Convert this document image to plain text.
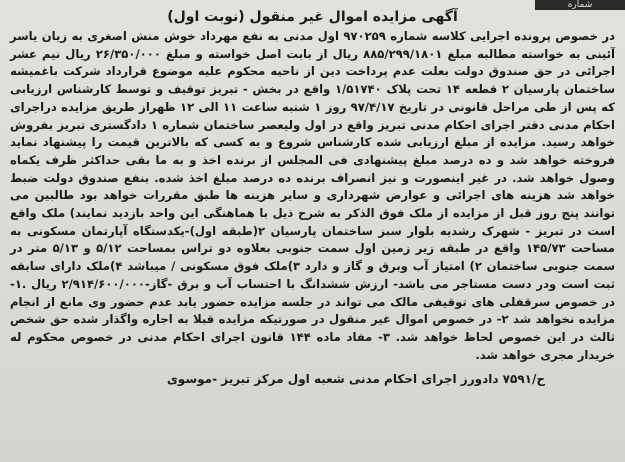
شماره
آگهی مزایده اموال غیر منقول (نوبت اول)

در خصوص پرونده اجرایی کلاسه شماره ۹۷۰۲۵۹ اول مدنی به نفع مهرداد خوش منش اصغری به زیان یاسر آئینی به خواسته مطالبه مبلغ ۸۸۵/۲۹۹/۱۸۰۱ ریال از بابت اصل خواسته و مبلغ ۲۶/۳۵۰/۰۰۰ ریال نیم عشر اجرائی در حق صندوق دولت بعلت عدم پرداخت دین از ناحیه محکوم علیه موضوع قرارداد شرکت باغمیشه ساختمان پارسیان ۲ قطعه ۱۴ تحت پلاک ۱/۵۱۷۴۰ واقع در بخش - تبریز توقیف و توسط کارشناس ارزیابی که پس از طی مراحل قانونی در تاریخ ۹۷/۴/۱۷ روز ۱ شنبه ساعت ۱۱ الی ۱۲ ظهراز طریق مزایده دراجرای احکام مدنی دفتر اجرای احکام مدنی تبریز واقع در اول ولیعصر ساختمان شماره ۱ دادگستری تبریز بفروش خواهد رسید. مزایده از مبلغ ارزیابی شده کارشناس شروع و به کسی که بالاترین قیمت را پیشنهاد نماید فروخته خواهد شد و ده درصد مبلغ پیشنهادی فی المجلس از برنده اخذ و به ما بقی حداکثر ظرف یکماه وصول خواهد شد. در غیر اینصورت و نیز انصراف برنده ده درصد مبلغ اخذ شده. بنفع صندوق دولت ضبط خواهد شد هزینه های اجرائی و عوارض شهرداری و سایر هزینه ها طبق مقررات خواهد بود طالبین می توانند پنج روز قبل از مزایده از ملک فوق الذکر به شرح ذیل با هماهنگی این واحد بازدید نمایند) ملک واقع است در تبریز - شهرک رشدیه بلوار سبز ساختمان پارسیان ۲(طبقه اول)-یکدستگاه آپارتمان مسکونی به مساحت ۱۴۵/۷۳ واقع در طبقه زیر زمین اول سمت جنوبی بعلاوه دو تراس بمساحت ۵/۱۲ و ۵/۱۳ متر در سمت جنوبی ساختمان ۲) امتیاز آب وبرق و گاز و دارد ۳)ملک فوق مسکونی / میباشد ۴)ملک دارای سابقه ثبت است ودر دست مستاجر می باشد- ارزش ششدانگ با احتساب آب و برق -گاز-۲/۹۱۴/۶۰۰/۰۰۰ ریال .۱- در خصوص سرقفلی های توقیفی مالک می تواند در جلسه مزایده حضور یابد عدم حضور وی مانع از انجام مزایده نخواهد شد ۲- در خصوص اموال غیر منقول در صورتیکه مزایده قبلا به اجاره واگذار شده حق شخص ثالث در این خصوص لحاظ خواهد شد. ۳- مفاد ماده ۱۴۴ قانون اجرای احکام مدنی در خصوص محکوم له خریدار مجری خواهد شد.

ح/۷۵۹۱ دادورز اجرای احکام مدنی شعبه اول مرکز تبریز -موسوی
